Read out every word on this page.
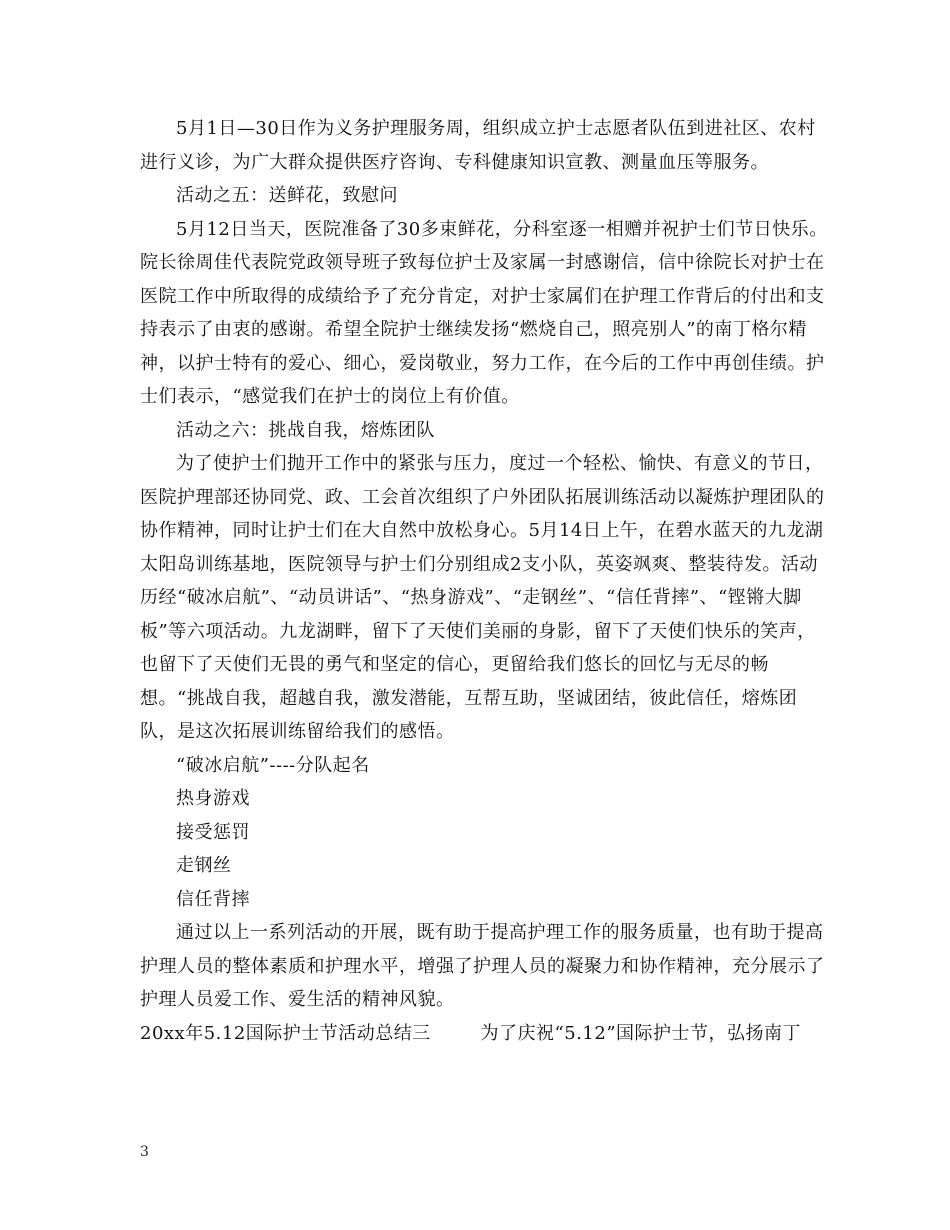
5月1日—30日作为义务护理服务周，组织成立护士志愿者队伍到进社区、农村进行义诊，为广大群众提供医疗咨询、专科健康知识宣教、测量血压等服务。

活动之五：送鲜花，致慰问

5月12日当天，医院准备了30多束鲜花，分科室逐一相赠并祝护士们节日快乐。院长徐周佳代表院党政领导班子致每位护士及家属一封感谢信，信中徐院长对护士在医院工作中所取得的成绩给予了充分肯定，对护士家属们在护理工作背后的付出和支持表示了由衷的感谢。希望全院护士继续发扬“燃烧自己，照亮别人”的南丁格尔精神，以护士特有的爱心、细心，爱岗敬业，努力工作，在今后的工作中再创佳绩。护士们表示，“感觉我们在护士的岗位上有价值。

活动之六：挑战自我，熔炼团队

为了使护士们抛开工作中的紧张与压力，度过一个轻松、愉快、有意义的节日，医院护理部还协同党、政、工会首次组织了户外团队拓展训练活动以凝炼护理团队的协作精神，同时让护士们在大自然中放松身心。5月14日上午，在碧水蓝天的九龙湖太阳岛训练基地，医院领导与护士们分别组成2支小队，英姿飒爽、整装待发。活动历经“破冰启航”、“动员讲话”、“热身游戏”、“走钢丝”、“信任背摔”、“铿锵大脚板”等六项活动。九龙湖畔，留下了天使们美丽的身影，留下了天使们快乐的笑声，也留下了天使们无畏的勇气和坚定的信心，更留给我们悠长的回忆与无尽的畅想。“挑战自我，超越自我，激发潜能，互帮互助，坚诚团结，彼此信任，熔炼团队，是这次拓展训练留给我们的感悟。

“破冰启航”----分队起名

热身游戏

接受惩罚

走钢丝

信任背摔

通过以上一系列活动的开展，既有助于提高护理工作的服务质量，也有助于提高护理人员的整体素质和护理水平，增强了护理人员的凝聚力和协作精神，充分展示了护理人员爱工作、爱生活的精神风貌。

20xx年5.12国际护士节活动总结三        为了庆祝“5.12”国际护士节，弘扬南丁

3
